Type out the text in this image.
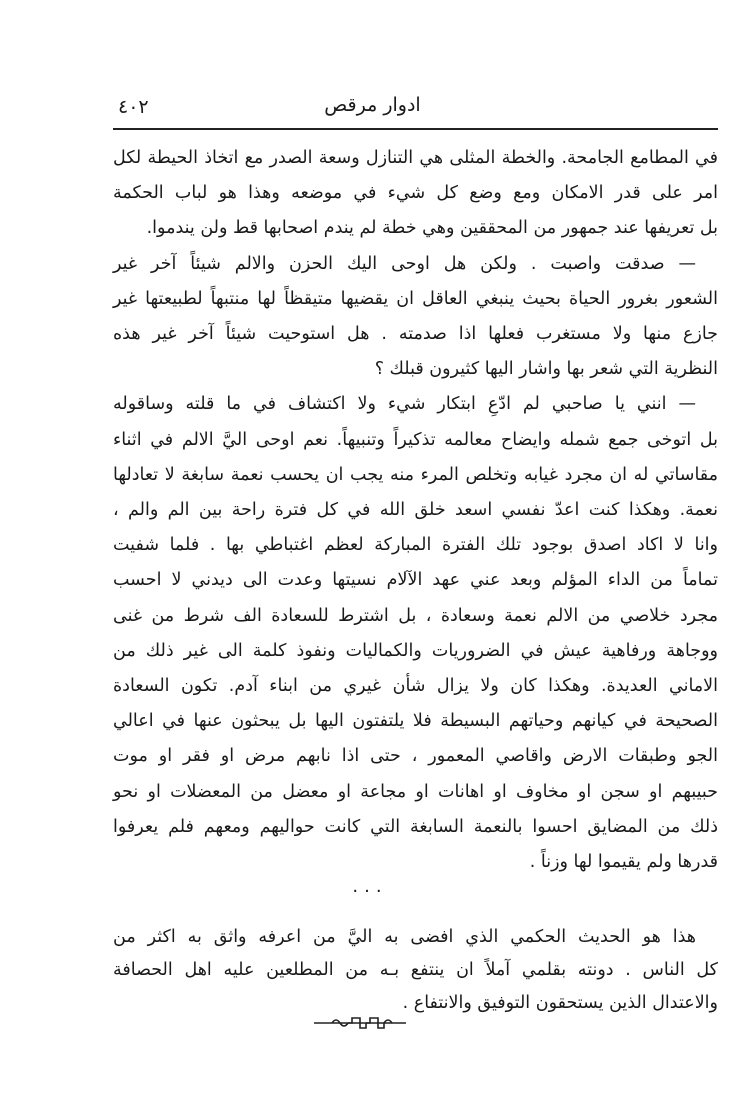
٤٠٢	ادوار مرقص
في المطامع الجامحة. والخطة المثلى هي التنازل وسعة الصدر مع اتخاذ الحيطة لكل
امر على قدر الامكان ومع وضع كل شيء في موضعه وهذا هو لباب الحكمة
بل تعريفها عند جمهور من المحققين وهي خطة لم يندم اصحابها قط ولن يندموا.
— صدقت واصبت . ولكن هل اوحى اليك الحزن والالم شيئاً آخر غير
الشعور بغرور الحياة بحيث ينبغي العاقل ان يقضيها متيقظاً لها منتبهاً لطبيعتها غير
جازع منها ولا مستغرب فعلها اذا صدمته . هل استوحيت شيئاً آخر غير هذه
النظرية التي شعر بها واشار اليها كثيرون قبلك ؟
— انني يا صاحبي لم ادّعِ ابتكار شيء ولا اكتشاف في ما قلته وساقوله
بل اتوخى جمع شمله وايضاح معالمه تذكيراً وتنبيهاً. نعم اوحى اليَّ الالم في اثناء
مقاساتي له ان مجرد غيابه وتخلص المرء منه يجب ان يحسب نعمة سابغة لا تعادلها
نعمة. وهكذا كنت اعدّ نفسي اسعد خلق الله في كل فترة راحة بين الم والم ،
وانا لا اكاد اصدق بوجود تلك الفترة المباركة لعظم اغتباطي بها . فلما شفيت
تماماً من الداء المؤلم وبعد عني عهد الآلام نسيتها وعدت الى ديدني لا احسب
مجرد خلاصي من الالم نعمة وسعادة ، بل اشترط للسعادة الف شرط من غنى
ووجاهة ورفاهية عيش في الضروريات والكماليات ونفوذ كلمة الى غير ذلك من
الاماني العديدة. وهكذا كان ولا يزال شأن غيري من ابناء آدم. تكون السعادة
الصحيحة في كيانهم وحياتهم البسيطة فلا يلتفتون اليها بل يبحثون عنها في اعالي
الجو وطبقات الارض واقاصي المعمور ، حتى اذا نابهم مرض او فقر او موت
حبيبهم او سجن او مخاوف او اهانات او مجاعة او معضل من المعضلات او نحو
ذلك من المضايق احسوا بالنعمة السابغة التي كانت حواليهم ومعهم فلم يعرفوا
قدرها ولم يقيموا لها وزناً .
...
هذا هو الحديث الحكمي الذي افضى به اليَّ من اعرفه واثق به اكثر من
كل الناس . دونته بقلمي آملاً ان ينتفع بـه من المطلعين عليه اهل الحصافة
والاعتدال الذين يستحقون التوفيق والانتفاع .
